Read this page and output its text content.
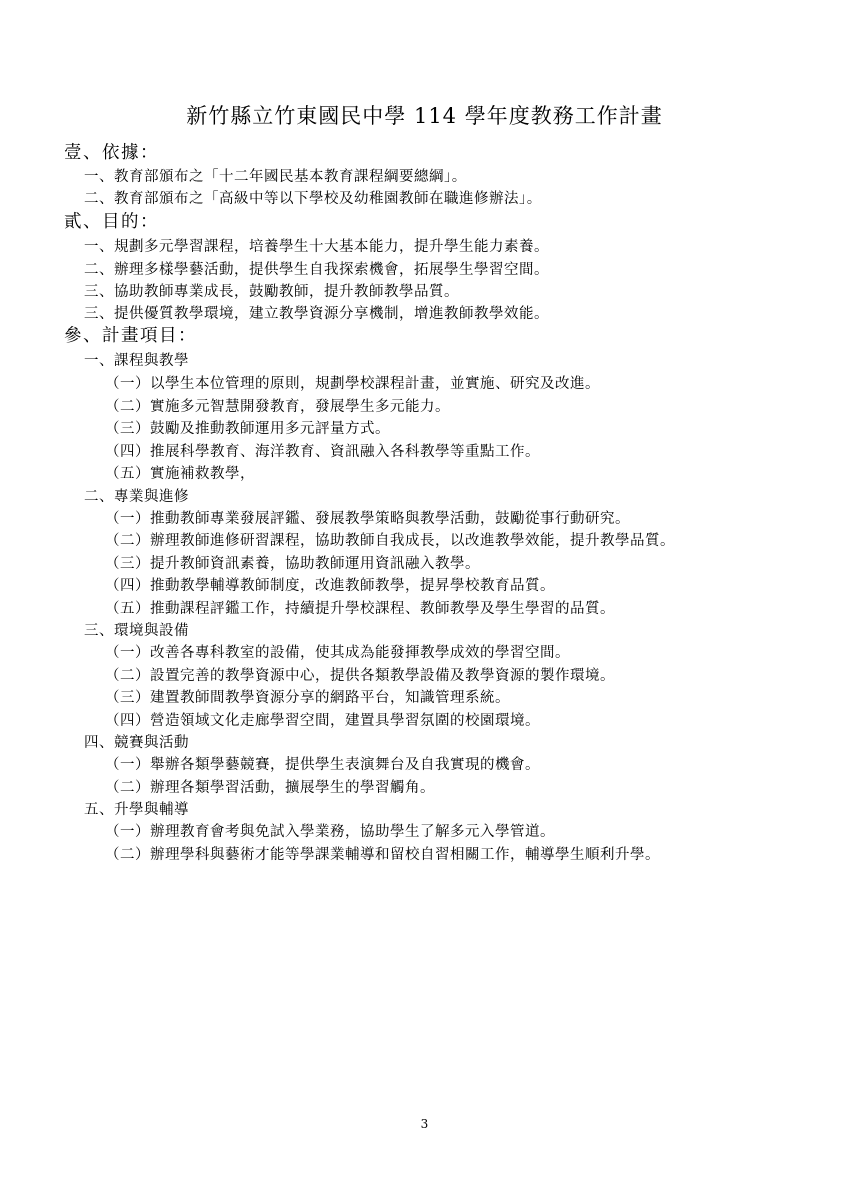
新竹縣立竹東國民中學 114 學年度教務工作計畫
壹、依據：
一、教育部頒布之「十二年國民基本教育課程綱要總綱」。
二、教育部頒布之「高級中等以下學校及幼稚園教師在職進修辦法」。
貳、目的：
一、規劃多元學習課程，培養學生十大基本能力，提升學生能力素養。
二、辦理多樣學藝活動，提供學生自我探索機會，拓展學生學習空間。
三、協助教師專業成長，鼓勵教師，提升教師教學品質。
三、提供優質教學環境，建立教學資源分享機制，增進教師教學效能。
參、計畫項目：
一、課程與教學
（一）以學生本位管理的原則，規劃學校課程計畫，並實施、研究及改進。
（二）實施多元智慧開發教育，發展學生多元能力。
（三）鼓勵及推動教師運用多元評量方式。
（四）推展科學教育、海洋教育、資訊融入各科教學等重點工作。
（五）實施補救教學，
二、專業與進修
（一）推動教師專業發展評鑑、發展教學策略與教學活動，鼓勵從事行動研究。
（二）辦理教師進修研習課程，協助教師自我成長，以改進教學效能，提升教學品質。
（三）提升教師資訊素養，協助教師運用資訊融入教學。
（四）推動教學輔導教師制度，改進教師教學，提昇學校教育品質。
（五）推動課程評鑑工作，持續提升學校課程、教師教學及學生學習的品質。
三、環境與設備
（一）改善各專科教室的設備，使其成為能發揮教學成效的學習空間。
（二）設置完善的教學資源中心，提供各類教學設備及教學資源的製作環境。
（三）建置教師間教學資源分享的網路平台，知識管理系統。
（四）營造領域文化走廊學習空間，建置具學習氛圍的校園環境。
四、競賽與活動
（一）舉辦各類學藝競賽，提供學生表演舞台及自我實現的機會。
（二）辦理各類學習活動，擴展學生的學習觸角。
五、升學與輔導
（一）辦理教育會考與免試入學業務，協助學生了解多元入學管道。
（二）辦理學科與藝術才能等學課業輔導和留校自習相關工作，輔導學生順利升學。
3
